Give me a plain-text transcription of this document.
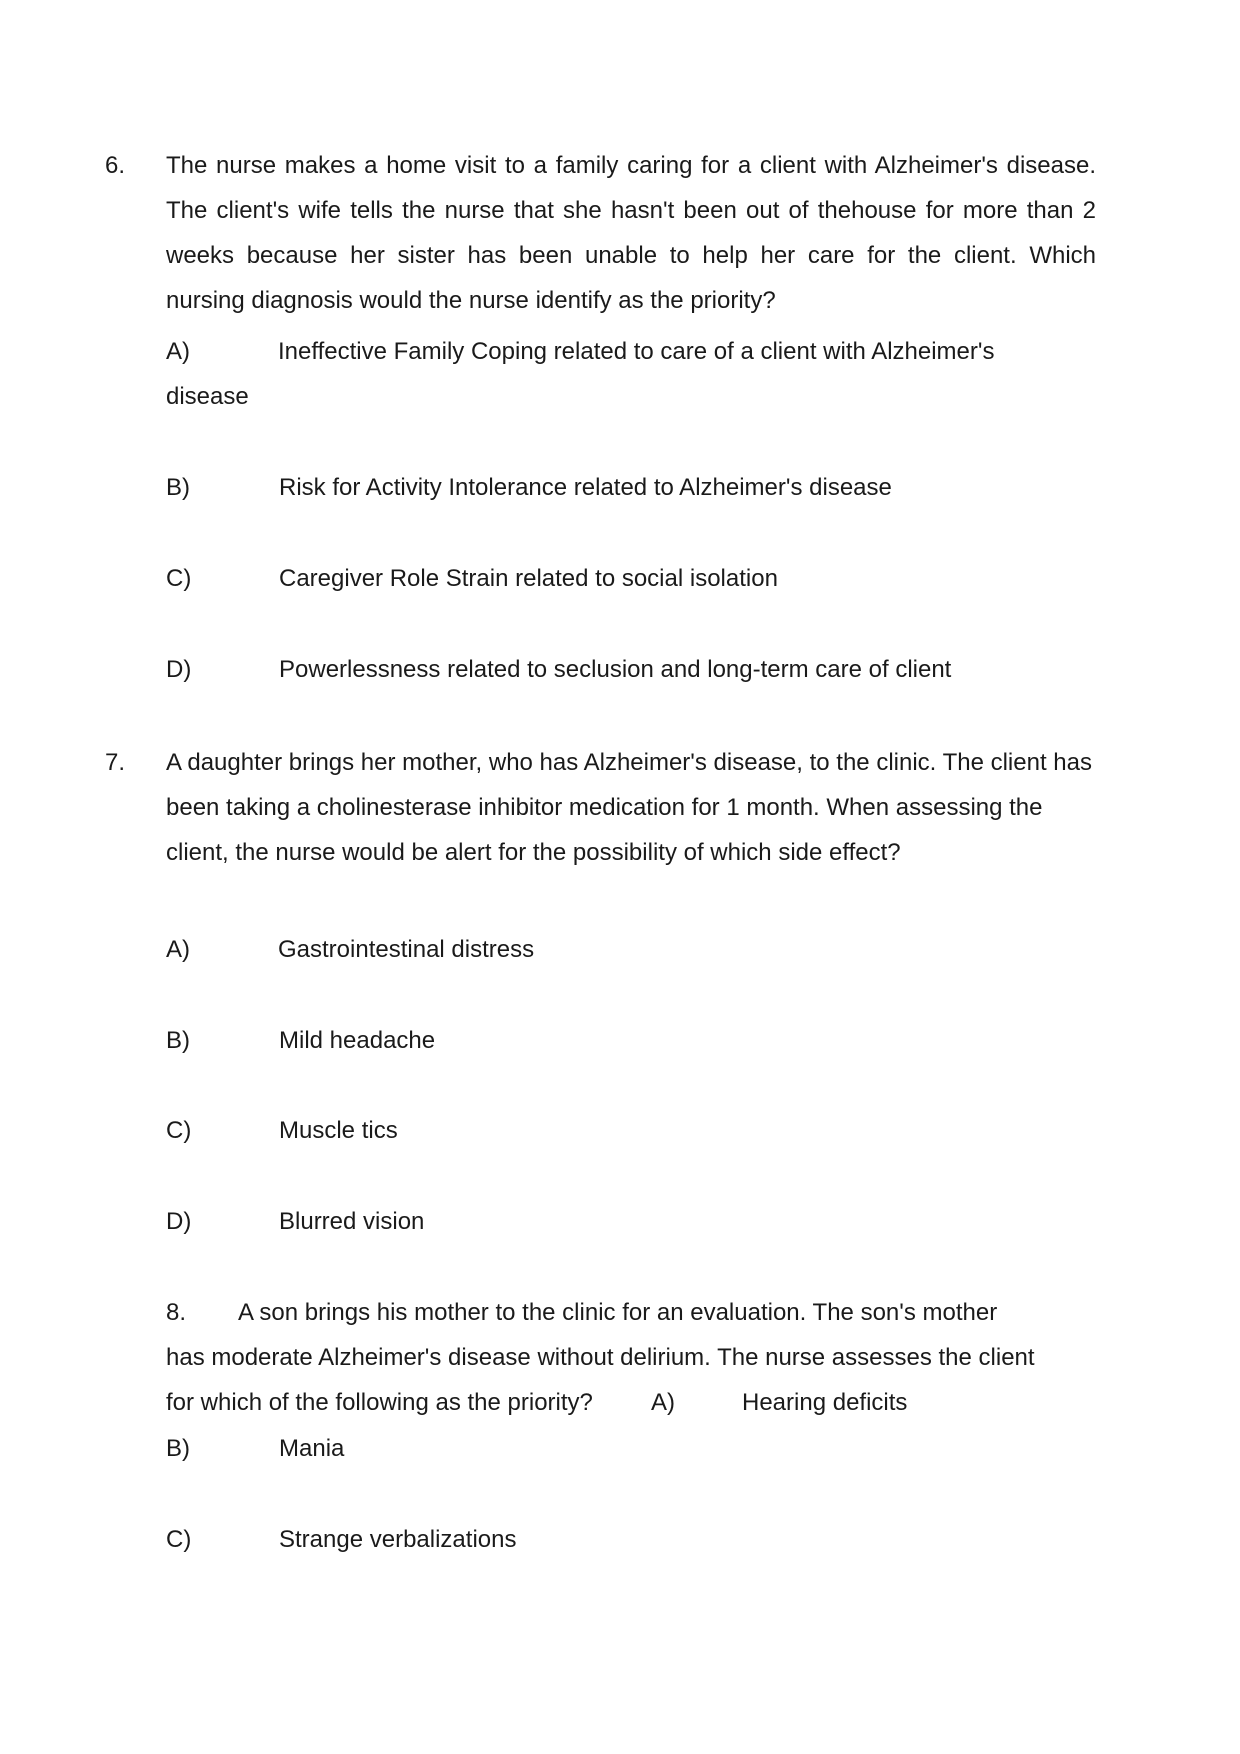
6. The nurse makes a home visit to a family caring for a client with Alzheimer's disease. The client's wife tells the nurse that she hasn't been out of thehouse for more than 2 weeks because her sister has been unable to help her care for the client. Which nursing diagnosis would the nurse identify as the priority?
A)	Ineffective Family Coping related to care of a client with Alzheimer's
disease
B)	Risk for Activity Intolerance related to Alzheimer's disease
C)	Caregiver Role Strain related to social isolation
D)	Powerlessness related to seclusion and long-term care of client
7. A daughter brings her mother, who has Alzheimer's disease, to the clinic. The client has been taking a cholinesterase inhibitor medication for 1 month. When assessing the client, the nurse would be alert for the possibility of which side effect?
A)	Gastrointestinal distress
B)	Mild headache
C)	Muscle tics
D)	Blurred vision
8. A son brings his mother to the clinic for an evaluation. The son's mother
has moderate Alzheimer's disease without delirium. The nurse assesses the client
for which of the following as the priority? A)	Hearing deficits
B)	Mania
C)	Strange verbalizations
